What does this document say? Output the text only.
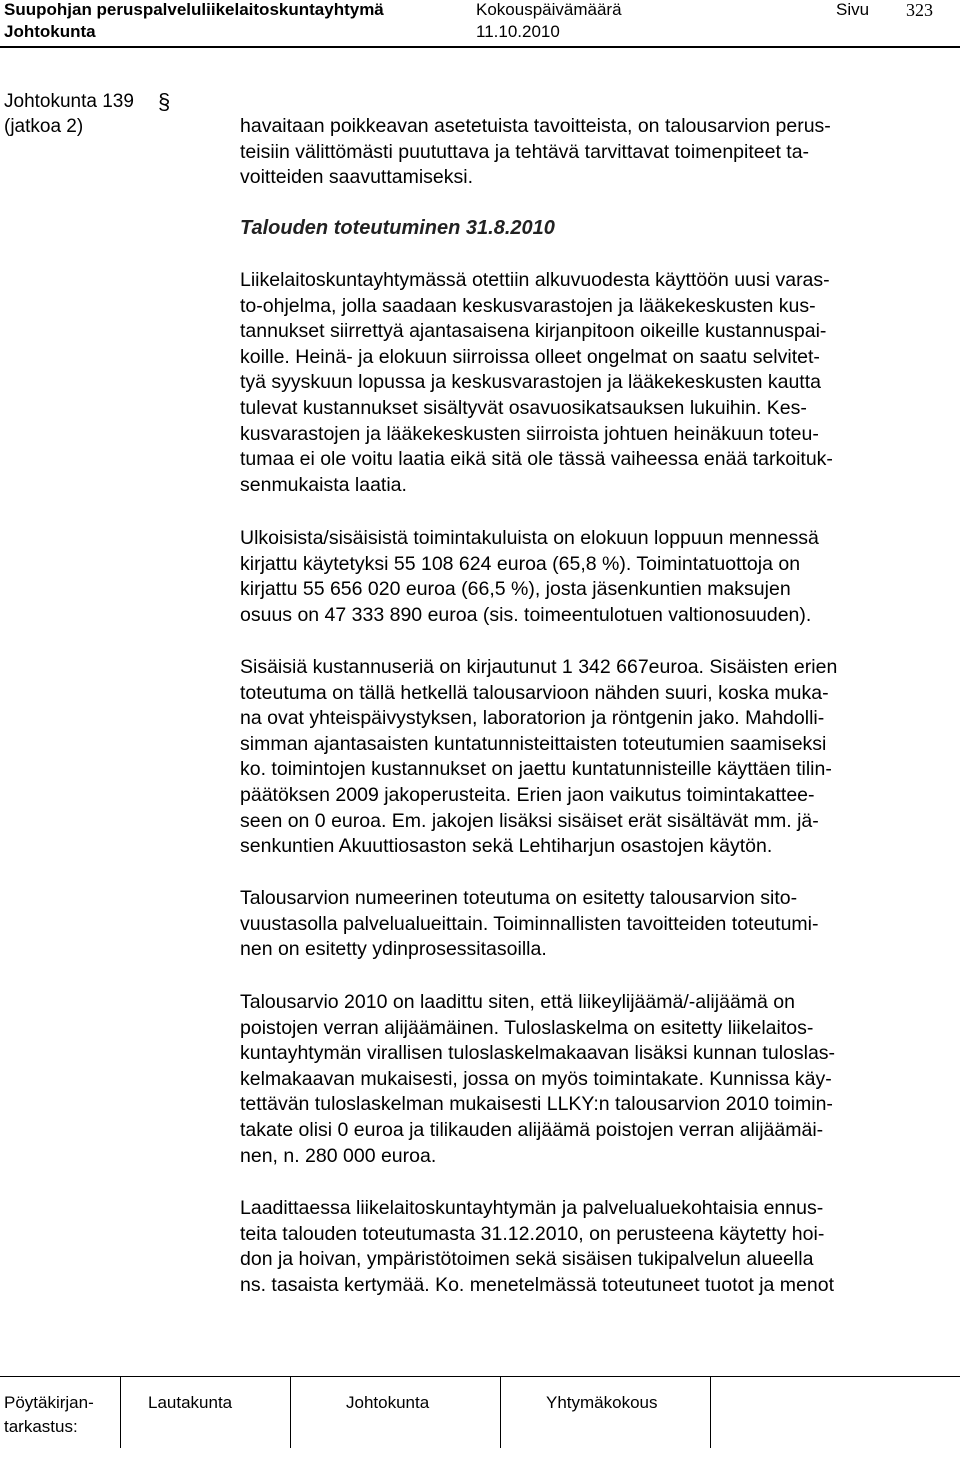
Suupohjan peruspalveluliikelaitoskuntayhtymä
Johtokunta
Kokouspäivämäärä
11.10.2010
Sivu 323
Johtokunta 139 §
(jatkoa 2)	havaitaan poikkeavan asetetuista tavoitteista, on talousarvion perus-
teisiin välittömästi puututtava ja tehtävä tarvittavat toimenpiteet ta-
voitteiden saavuttamiseksi.
Talouden toteutuminen 31.8.2010
Liikelaitoskuntayhtymässä otettiin alkuvuodesta käyttöön uusi varas-
to-ohjelma, jolla saadaan keskusvarastojen ja lääkekeskusten kus-
tannukset siirrettyä ajantasaisena kirjanpitoon oikeille kustannuspai-
koille. Heinä- ja elokuun siirroissa olleet ongelmat on saatu selvitet-
tyä syyskuun lopussa ja keskusvarastojen ja lääkekeskusten kautta
tulevat kustannukset sisältyvät osavuosikatsauksen lukuihin. Kes-
kusvarastojen ja lääkekeskusten siirroista johtuen heinäkuun toteu-
tumaa ei ole voitu laatia eikä sitä ole tässä vaiheessa enää tarkoituk-
senmukaista laatia.
Ulkoisista/sisäisistä toimintakuluista on elokuun loppuun mennessä
kirjattu käytetyksi 55 108 624 euroa (65,8 %). Toimintatuottoja on
kirjattu 55 656 020 euroa (66,5 %), josta jäsenkuntien maksujen
osuus on 47 333 890 euroa (sis. toimeentulotuen valtionosuuden).
Sisäisiä kustannuseriä on kirjautunut 1 342 667euroa. Sisäisten erien
toteutuma on tällä hetkellä talousarvioon nähden suuri, koska muka-
na ovat yhteispäivystyksen, laboratorion ja röntgenin jako. Mahdolli-
simman ajantasaisten kuntatunnisteittaisten toteutumien saamiseksi
ko. toimintojen kustannukset on jaettu kuntatunnisteille käyttäen tilin-
päätöksen 2009 jakoperusteita. Erien jaon vaikutus toimintakattee-
seen on 0 euroa. Em. jakojen lisäksi sisäiset erät sisältävät mm. jä-
senkuntien Akuuttiosaston sekä Lehtiharjun osastojen käytön.
Talousarvion numeerinen toteutuma on esitetty talousarvion sito-
vuustasolla palvelualueittain. Toiminnallisten tavoitteiden toteutumi-
nen on esitetty ydinprosessitasoilla.
Talousarvio 2010 on laadittu siten, että liikeylijäämä/-alijäämä on
poistojen verran alijäämäinen. Tuloslaskelma on esitetty liikelaitos-
kuntayhtymän virallisen tuloslaskelmakaavan lisäksi kunnan tuloslas-
kelmakaavan mukaisesti, jossa on myös toimintakate. Kunnissa käy-
tettävän tuloslaskelman mukaisesti LLKY:n talousarvion 2010 toimin-
takate olisi 0 euroa ja tilikauden alijäämä poistojen verran alijäämäi-
nen, n. 280 000 euroa.
Laadittaessa liikelaitoskuntayhtymän ja palvelualuekohtaisia ennus-
teita talouden toteutumasta 31.12.2010, on perusteena käytetty hoi-
don ja hoivan, ympäristötoimen sekä sisäisen tukipalvelun alueella
ns. tasaista kertymää. Ko. menetelmässä toteutuneet tuotot ja menot
Pöytäkirjan-
tarkastus:
Lautakunta	Johtokunta	Yhtymäkokous
